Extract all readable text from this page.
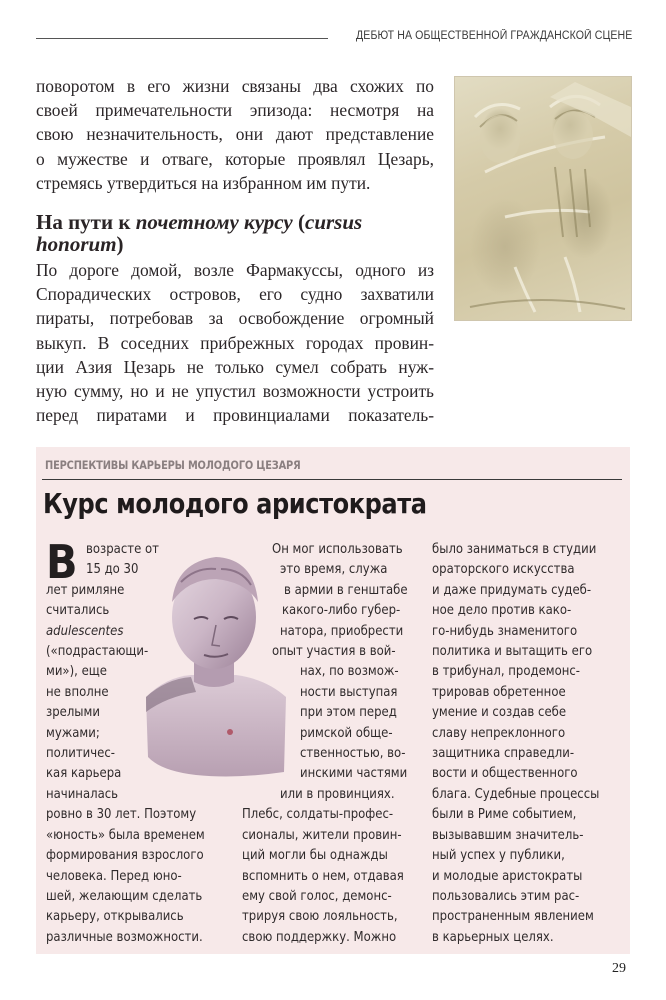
ДЕБЮТ НА ОБЩЕСТВЕННОЙ ГРАЖДАНСКОЙ СЦЕНЕ

поворотом в его жизни связаны два схожих по
своей примечательности эпизода: несмотря на
свою незначительность, они дают представление
о мужестве и отваге, которые проявлял Цезарь,
стремясь утвердиться на избранном им пути.

На пути к почетному курсу (cursus
honorum)

По дороге домой, возле Фармакуссы, одного из
Спорадических островов, его судно захватили
пираты, потребовав за освобождение огромный
выкуп. В соседних прибрежных городах провин-
ции Азия Цезарь не только сумел собрать нуж-
ную сумму, но и не упустил возможности устроить
перед пиратами и провинциалами показатель-

ПЕРСПЕКТИВЫ КАРЬЕРЫ МОЛОДОГО ЦЕЗАРЯ
Курс молодого аристократа
В возрасте от
15 до 30
лет римляне
считались
adulescentes
(«подрастающи-
ми»), еще
не вполне
зрелыми
мужами;
политичес-
кая карьера
начиналась
ровно в 30 лет. Поэтому
«юность» была временем
формирования взрослого
человека. Перед юно-
шей, желающим сделать
карьеру, открывались
различные возможности.
Он мог использовать
это время, служа
в армии в генштабе
какого-либо губер-
натора, приобрести
опыт участия в вой-
нах, по возмож-
ности выступая
при этом перед
римской обще-
ственностью, во-
инскими частями
или в провинциях.
Плебс, солдаты-профес-
сионалы, жители провин-
ций могли бы однажды
вспомнить о нем, отдавая
ему свой голос, демонс-
трируя свою лояльность,
свою поддержку. Можно
было заниматься в студии
ораторского искусства
и даже придумать судеб-
ное дело против како-
го-нибудь знаменитого
политика и вытащить его
в трибунал, продемонс-
трировав обретенное
умение и создав себе
славу непреклонного
защитника справедли-
вости и общественного
блага. Судебные процессы
были в Риме событием,
вызывавшим значитель-
ный успех у публики,
и молодые аристократы
пользовались этим рас-
пространенным явлением
в карьерных целях.
29
